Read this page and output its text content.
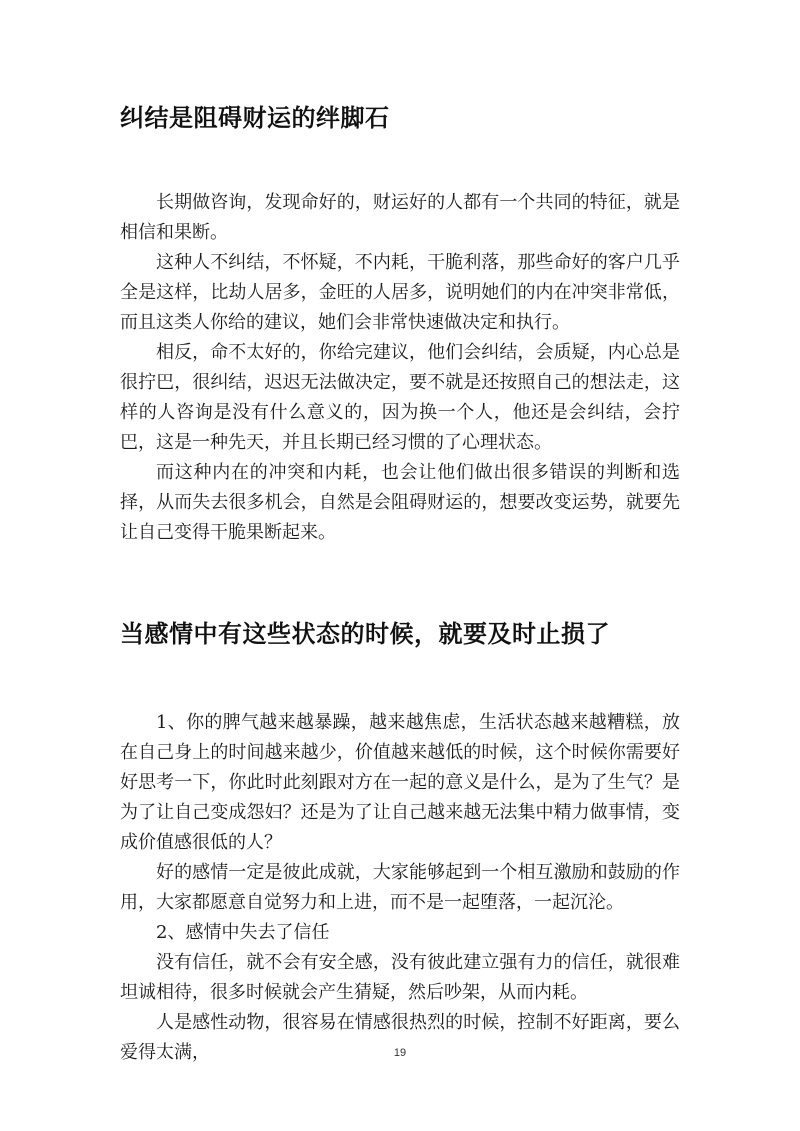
纠结是阻碍财运的绊脚石

长期做咨询，发现命好的，财运好的人都有一个共同的特征，就是相信和果断。

这种人不纠结，不怀疑，不内耗，干脆利落，那些命好的客户几乎全是这样，比劫人居多，金旺的人居多，说明她们的内在冲突非常低，而且这类人你给的建议，她们会非常快速做决定和执行。

相反，命不太好的，你给完建议，他们会纠结，会质疑，内心总是很拧巴，很纠结，迟迟无法做决定，要不就是还按照自己的想法走，这样的人咨询是没有什么意义的，因为换一个人，他还是会纠结，会拧巴，这是一种先天，并且长期已经习惯的了心理状态。

而这种内在的冲突和内耗，也会让他们做出很多错误的判断和选择，从而失去很多机会，自然是会阻碍财运的，想要改变运势，就要先让自己变得干脆果断起来。

当感情中有这些状态的时候，就要及时止损了

1、你的脾气越来越暴躁，越来越焦虑，生活状态越来越糟糕，放在自己身上的时间越来越少，价值越来越低的时候，这个时候你需要好好思考一下，你此时此刻跟对方在一起的意义是什么，是为了生气？是为了让自己变成怨妇？还是为了让自己越来越无法集中精力做事情，变成价值感很低的人？

好的感情一定是彼此成就，大家能够起到一个相互激励和鼓励的作用，大家都愿意自觉努力和上进，而不是一起堕落，一起沉沦。

2、感情中失去了信任

没有信任，就不会有安全感，没有彼此建立强有力的信任，就很难坦诚相待，很多时候就会产生猜疑，然后吵架，从而内耗。

人是感性动物，很容易在情感很热烈的时候，控制不好距离，要么爱得太满，	19
